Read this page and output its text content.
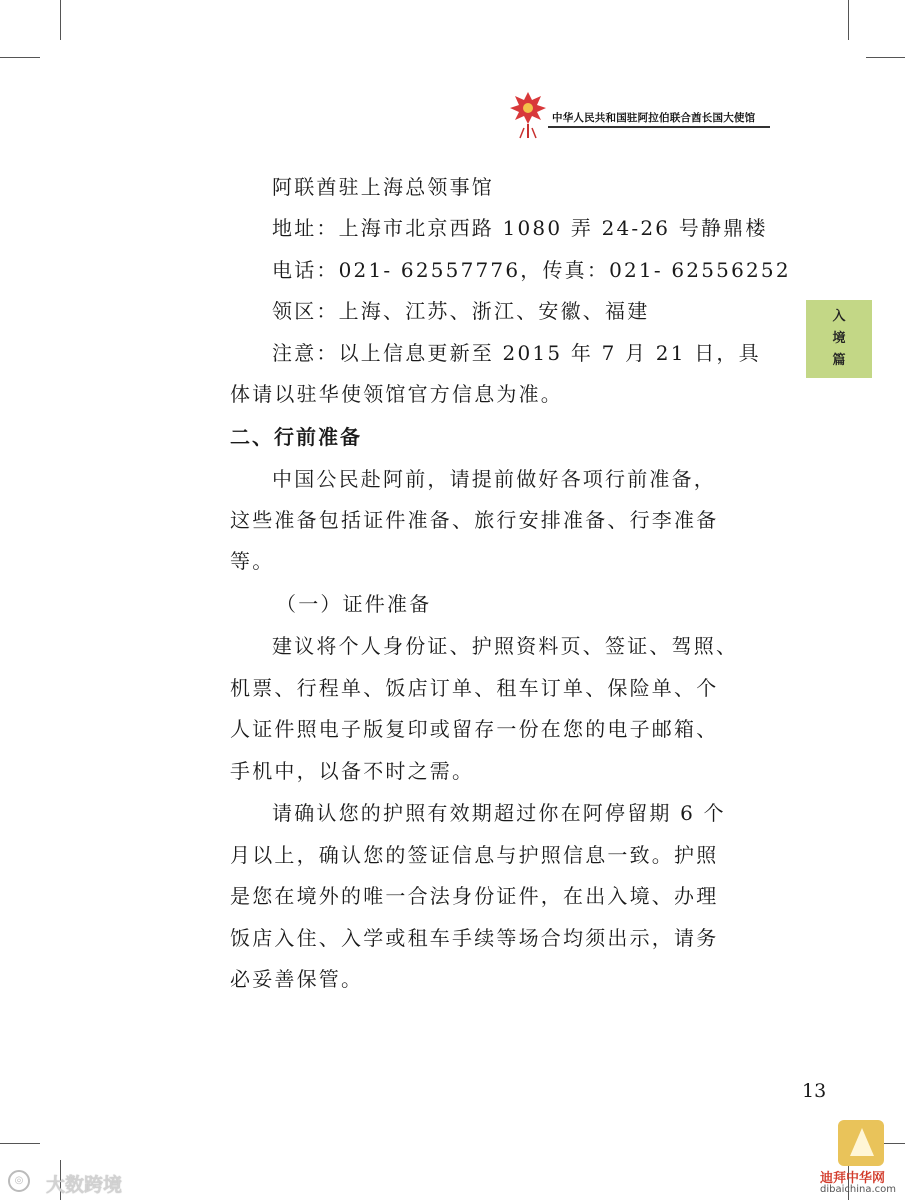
中华人民共和国驻阿拉伯联合酋长国大使馆
入
境
篇
阿联酋驻上海总领事馆
地址：上海市北京西路 1080 弄 24-26 号静鼎楼
电话：021- 62557776，传真：021- 62556252
领区：上海、江苏、浙江、安徽、福建
注意：以上信息更新至 2015 年 7 月 21 日，具
体请以驻华使领馆官方信息为准。
二、行前准备
中国公民赴阿前，请提前做好各项行前准备，
这些准备包括证件准备、旅行安排准备、行李准备
等。
（一）证件准备
建议将个人身份证、护照资料页、签证、驾照、
机票、行程单、饭店订单、租车订单、保险单、个
人证件照电子版复印或留存一份在您的电子邮箱、
手机中，以备不时之需。
请确认您的护照有效期超过你在阿停留期 6 个
月以上，确认您的签证信息与护照信息一致。护照
是您在境外的唯一合法身份证件，在出入境、办理
饭店入住、入学或租车手续等场合均须出示，请务
必妥善保管。
13
◎	大数跨境	迪拜中华网
dibaichina.com
